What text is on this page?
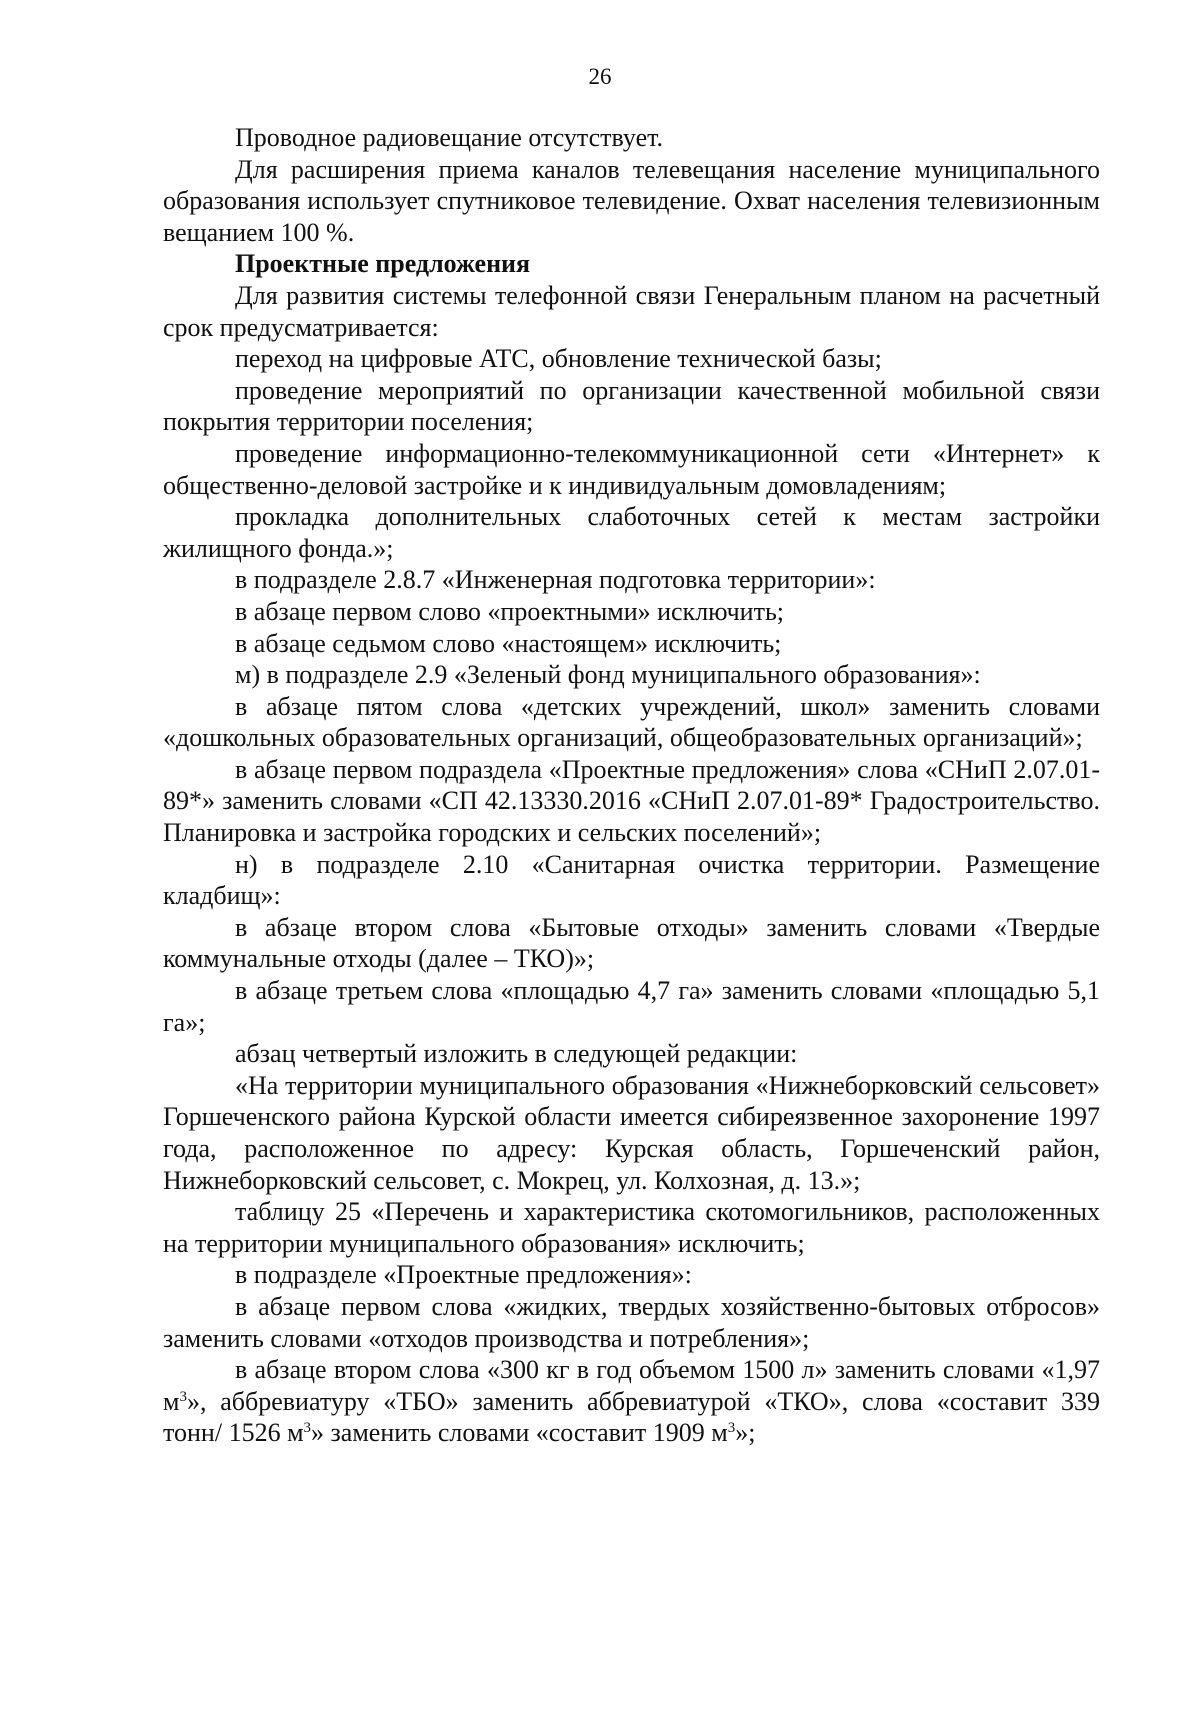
26

Проводное радиовещание отсутствует.

Для расширения приема каналов телевещания население муниципального образования использует спутниковое телевидение. Охват населения телевизионным вещанием 100 %.

Проектные предложения

Для развития системы телефонной связи Генеральным планом на расчетный срок предусматривается:

переход на цифровые АТС, обновление технической базы;

проведение мероприятий по организации качественной мобильной связи покрытия территории поселения;

проведение информационно-телекоммуникационной сети «Интернет» к общественно-деловой застройке и к индивидуальным домовладениям;

прокладка дополнительных слаботочных сетей к местам застройки жилищного фонда.»;

в подразделе 2.8.7 «Инженерная подготовка территории»:

в абзаце первом слово «проектными» исключить;

в абзаце седьмом слово «настоящем» исключить;

м) в подразделе 2.9 «Зеленый фонд муниципального образования»:

в абзаце пятом слова «детских учреждений, школ» заменить словами «дошкольных образовательных организаций, общеобразовательных организаций»;

в абзаце первом подраздела «Проектные предложения» слова «СНиП 2.07.01-89*» заменить словами «СП 42.13330.2016 «СНиП 2.07.01-89* Градостроительство. Планировка и застройка городских и сельских поселений»;

н) в подразделе 2.10 «Санитарная очистка территории. Размещение кладбищ»:

в абзаце втором слова «Бытовые отходы» заменить словами «Твердые коммунальные отходы (далее – ТКО)»;

в абзаце третьем слова «площадью 4,7 га» заменить словами «площадью 5,1 га»;

абзац четвертый изложить в следующей редакции:

«На территории муниципального образования «Нижнеборковский сельсовет» Горшеченского района Курской области имеется сибиреязвенное захоронение 1997 года, расположенное по адресу: Курская область, Горшеченский район, Нижнеборковский сельсовет, с. Мокрец, ул. Колхозная, д. 13.»;

таблицу 25 «Перечень и характеристика скотомогильников, расположенных на территории муниципального образования» исключить;

в подразделе «Проектные предложения»:

в абзаце первом слова «жидких, твердых хозяйственно-бытовых отбросов» заменить словами «отходов производства и потребления»;

в абзаце втором слова «300 кг в год объемом 1500 л» заменить словами «1,97 $м^3$», аббревиатуру «ТБО» заменить аббревиатурой «ТКО», слова «составит 339 тонн/ 1526 $м^3$» заменить словами «составит 1909 $м^3$»;
